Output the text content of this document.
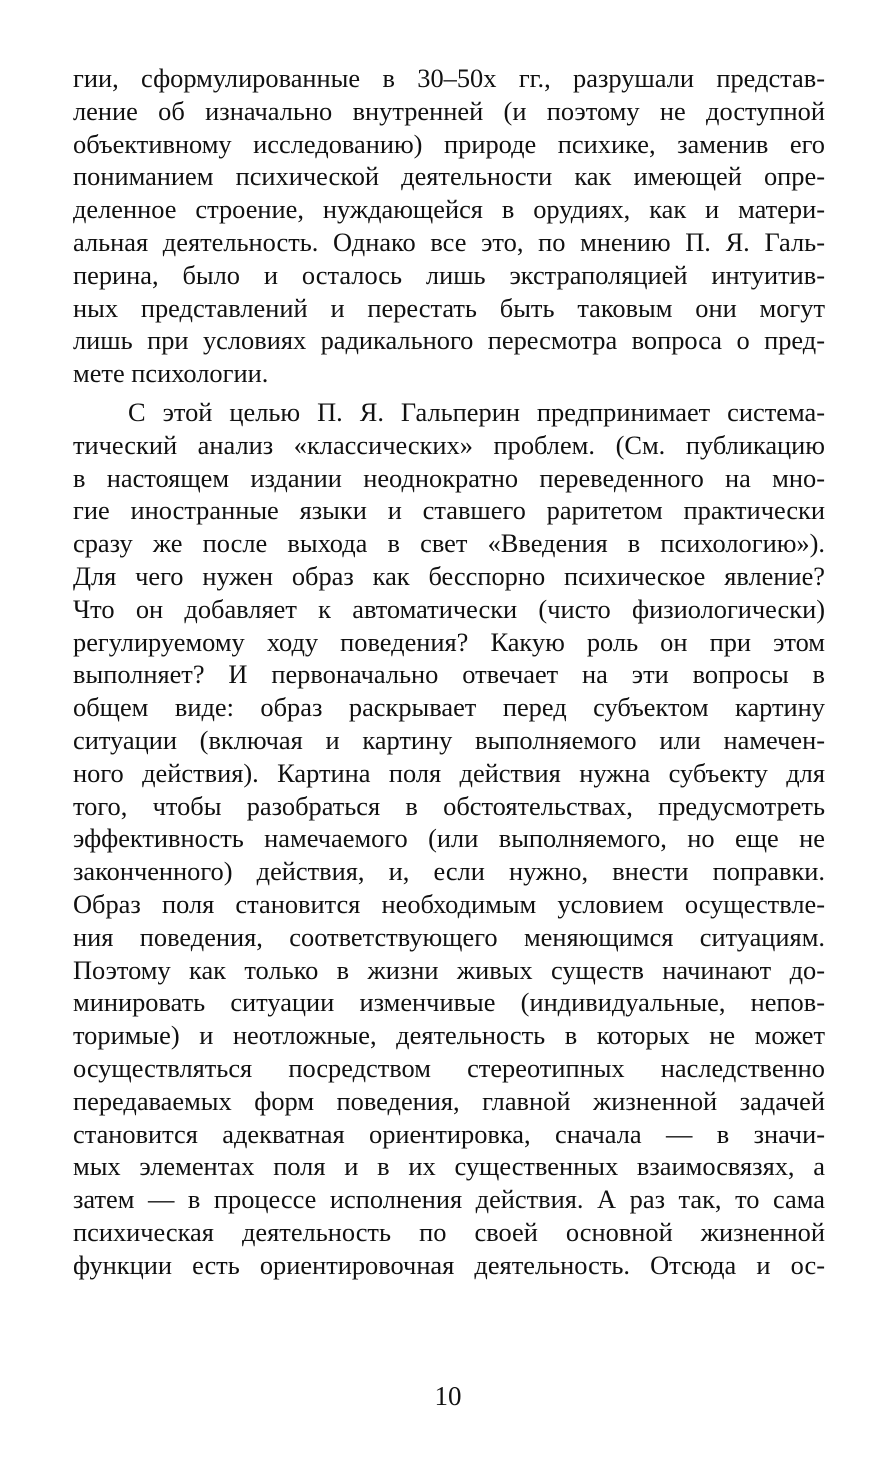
гии, сформулированные в 30–50х гг., разрушали представ-
ление об изначально внутренней (и поэтому не доступной
объективному исследованию) природе психике, заменив его
пониманием психической деятельности как имеющей опре-
деленное строение, нуждающейся в орудиях, как и матери-
альная деятельность. Однако все это, по мнению П. Я. Галь-
перина, было и осталось лишь экстраполяцией интуитив-
ных представлений и перестать быть таковым они могут
лишь при условиях радикального пересмотра вопроса о пред-
мете психологии.
С этой целью П. Я. Гальперин предпринимает система-
тический анализ «классических» проблем. (См. публикацию
в настоящем издании неоднократно переведенного на мно-
гие иностранные языки и ставшего раритетом практически
сразу же после выхода в свет «Введения в психологию»).
Для чего нужен образ как бесспорно психическое явление?
Что он добавляет к автоматически (чисто физиологически)
регулируемому ходу поведения? Какую роль он при этом
выполняет? И первоначально отвечает на эти вопросы в
общем виде: образ раскрывает перед субъектом картину
ситуации (включая и картину выполняемого или намечен-
ного действия). Картина поля действия нужна субъекту для
того, чтобы разобраться в обстоятельствах, предусмотреть
эффективность намечаемого (или выполняемого, но еще не
законченного) действия, и, если нужно, внести поправки.
Образ поля становится необходимым условием осуществле-
ния поведения, соответствующего меняющимся ситуациям.
Поэтому как только в жизни живых существ начинают до-
минировать ситуации изменчивые (индивидуальные, непов-
торимые) и неотложные, деятельность в которых не может
осуществляться посредством стереотипных наследственно
передаваемых форм поведения, главной жизненной задачей
становится адекватная ориентировка, сначала — в значи-
мых элементах поля и в их существенных взаимосвязях, а
затем — в процессе исполнения действия. А раз так, то сама
психическая деятельность по своей основной жизненной
функции есть ориентировочная деятельность. Отсюда и ос-
10
